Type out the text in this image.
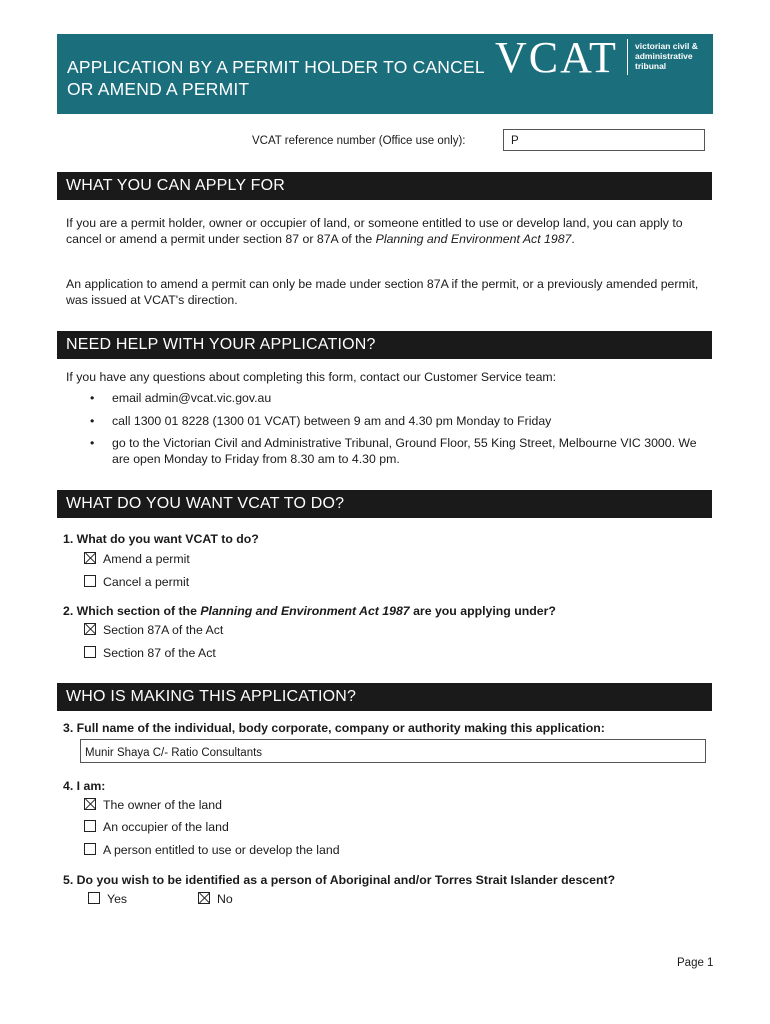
APPLICATION BY A PERMIT HOLDER TO CANCEL OR AMEND A PERMIT
VCAT victorian civil &
administrative
tribunal
VCAT reference number (Office use only):	P
WHAT YOU CAN APPLY FOR
If you are a permit holder, owner or occupier of land, or someone entitled to use or develop land, you can apply to cancel or amend a permit under section 87 or 87A of the Planning and Environment Act 1987.
An application to amend a permit can only be made under section 87A if the permit, or a previously amended permit, was issued at VCAT's direction.
NEED HELP WITH YOUR APPLICATION?
If you have any questions about completing this form, contact our Customer Service team:
• email admin@vcat.vic.gov.au
• call 1300 01 8228 (1300 01 VCAT) between 9 am and 4.30 pm Monday to Friday
• go to the Victorian Civil and Administrative Tribunal, Ground Floor, 55 King Street, Melbourne VIC 3000. We are open Monday to Friday from 8.30 am to 4.30 pm.
WHAT DO YOU WANT VCAT TO DO?
1. What do you want VCAT to do?
Amend a permit
Cancel a permit
2. Which section of the Planning and Environment Act 1987 are you applying under?
Section 87A of the Act
Section 87 of the Act
WHO IS MAKING THIS APPLICATION?
3. Full name of the individual, body corporate, company or authority making this application:
Munir Shaya C/- Ratio Consultants
4. I am:
The owner of the land
An occupier of the land
A person entitled to use or develop the land
5. Do you wish to be identified as a person of Aboriginal and/or Torres Strait Islander descent?
Yes	No
Page 1
